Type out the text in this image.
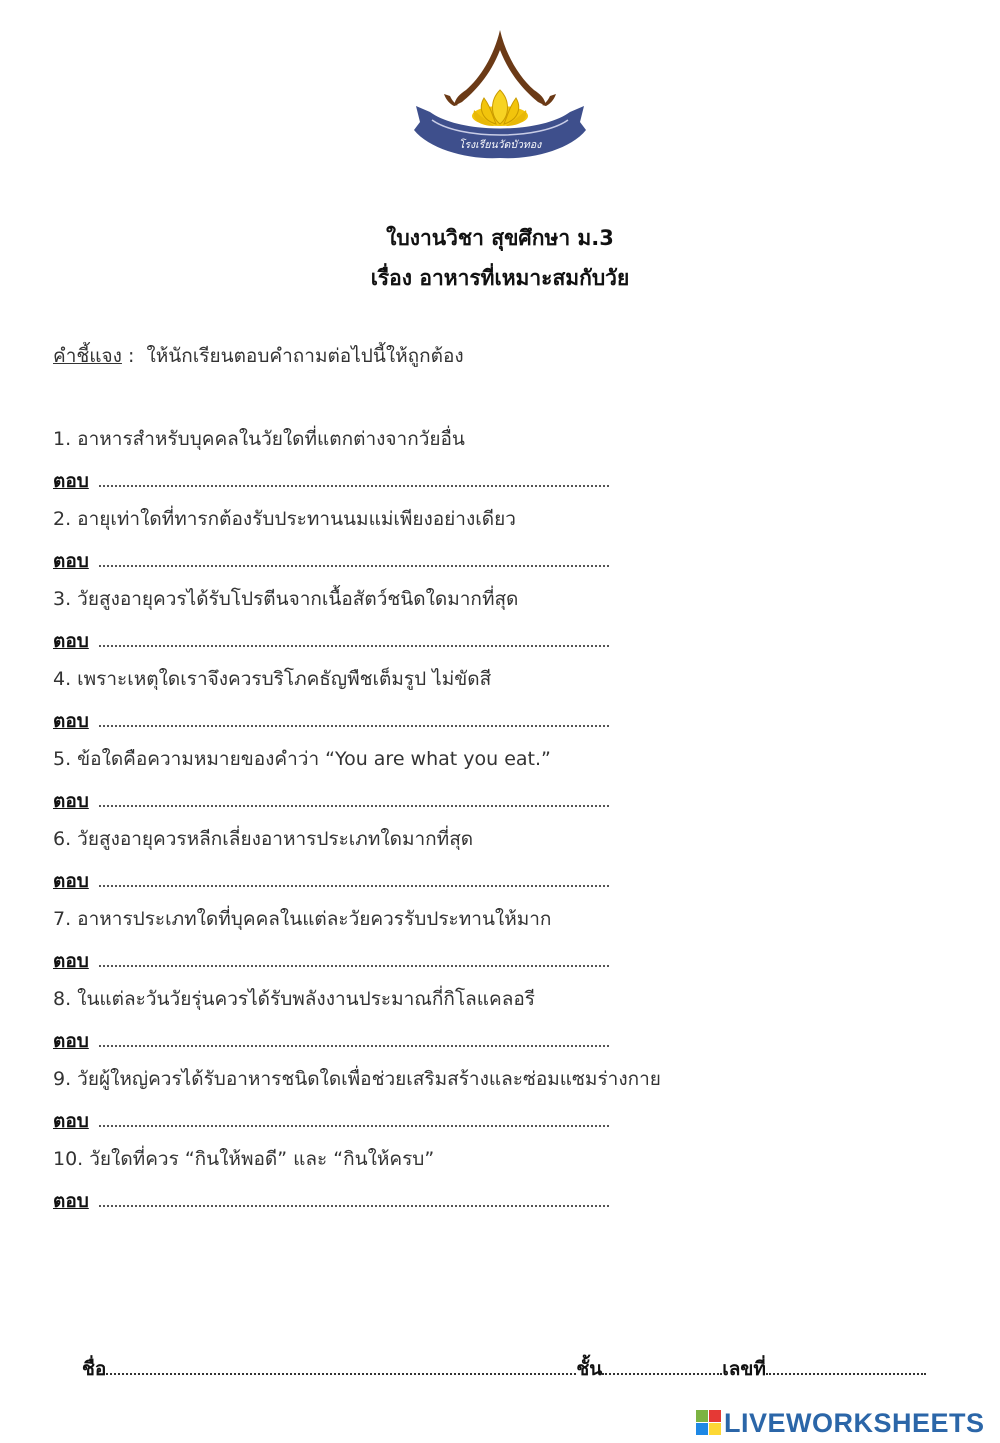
โรงเรียนวัดบัวทอง
ใบงานวิชา สุขศึกษา ม.3
เรื่อง อาหารที่เหมาะสมกับวัย
คำชี้แจง :  ให้นักเรียนตอบคำถามต่อไปนี้ให้ถูกต้อง
1. อาหารสำหรับบุคคลในวัยใดที่แตกต่างจากวัยอื่น
ตอบ
2. อายุเท่าใดที่ทารกต้องรับประทานนมแม่เพียงอย่างเดียว
ตอบ
3. วัยสูงอายุควรได้รับโปรตีนจากเนื้อสัตว์ชนิดใดมากที่สุด
ตอบ
4. เพราะเหตุใดเราจึงควรบริโภคธัญพืชเต็มรูป ไม่ขัดสี
ตอบ
5. ข้อใดคือความหมายของคำว่า “You are what you eat.”
ตอบ
6. วัยสูงอายุควรหลีกเลี่ยงอาหารประเภทใดมากที่สุด
ตอบ
7. อาหารประเภทใดที่บุคคลในแต่ละวัยควรรับประทานให้มาก
ตอบ
8. ในแต่ละวันวัยรุ่นควรได้รับพลังงานประมาณกี่กิโลแคลอรี
ตอบ
9. วัยผู้ใหญ่ควรได้รับอาหารชนิดใดเพื่อช่วยเสริมสร้างและซ่อมแซมร่างกาย
ตอบ
10. วัยใดที่ควร “กินให้พอดี” และ “กินให้ครบ”
ตอบ
ชื่อ	ชั้น	เลขที่
LIVEWORKSHEETS
